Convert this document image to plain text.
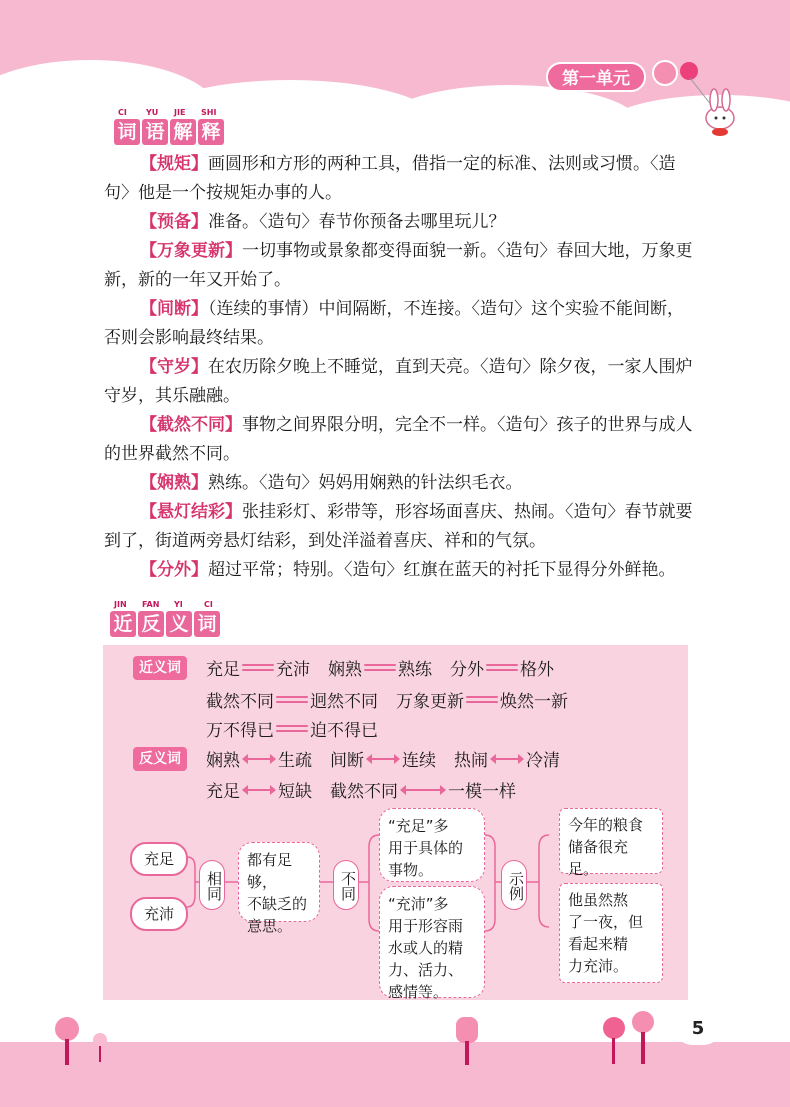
第一单元
CI YU JIE SHI
词 语 解 释

【规矩】画圆形和方形的两种工具，借指一定的标准、法则或习惯。〈造句〉他是一个按规矩办事的人。

【预备】准备。〈造句〉春节你预备去哪里玩儿？

【万象更新】一切事物或景象都变得面貌一新。〈造句〉春回大地，万象更新，新的一年又开始了。

【间断】（连续的事情）中间隔断，不连接。〈造句〉这个实验不能间断，否则会影响最终结果。

【守岁】在农历除夕晚上不睡觉，直到天亮。〈造句〉除夕夜，一家人围炉守岁，其乐融融。

【截然不同】事物之间界限分明，完全不一样。〈造句〉孩子的世界与成人的世界截然不同。

【娴熟】熟练。〈造句〉妈妈用娴熟的针法织毛衣。

【悬灯结彩】张挂彩灯、彩带等，形容场面喜庆、热闹。〈造句〉春节就要到了，街道两旁悬灯结彩，到处洋溢着喜庆、祥和的气氛。

【分外】超过平常；特别。〈造句〉红旗在蓝天的衬托下显得分外鲜艳。

JIN FAN YI	CI
近 反 义 词
近义词	充足 充沛 娴熟 熟练 分外 格外
截然不同 迥然不同 万象更新 焕然一新
万不得已 迫不得已
反义词	娴熟 生疏 间断 连续 热闹 冷清
充足 短缺 截然不同	一模一样
充足
充沛
相同
都有足够，
不缺乏的
意思。
不同
“充足”多
用于具体的
事物。
“充沛”多
用于形容雨
水或人的精
力、活力、
感情等。
示例
今年的粮食
储备很充足。
他虽然熬
了一夜，但
看起来精
力充沛。
5
